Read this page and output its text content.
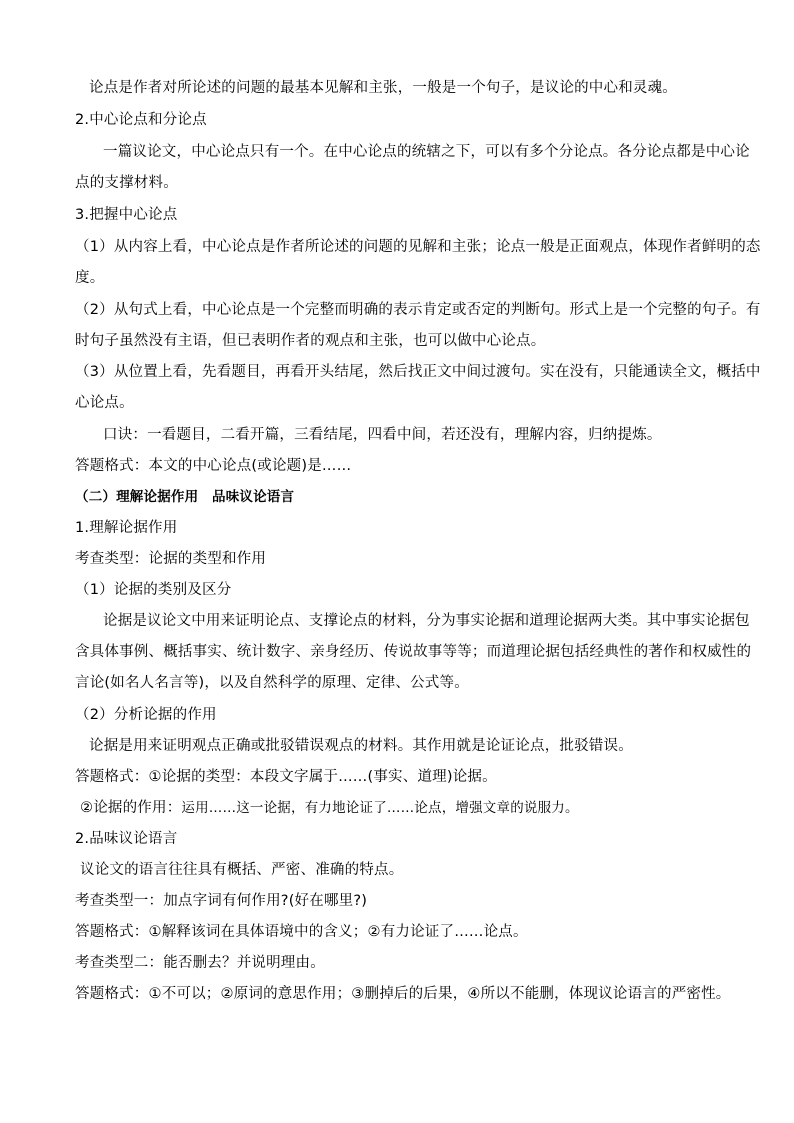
论点是作者对所论述的问题的最基本见解和主张，一般是一个句子，是议论的中心和灵魂。
2.中心论点和分论点
一篇议论文，中心论点只有一个。在中心论点的统辖之下，可以有多个分论点。各分论点都是中心论
点的支撑材料。
3.把握中心论点
（1）从内容上看，中心论点是作者所论述的问题的见解和主张；论点一般是正面观点，体现作者鲜明的态
度。
（2）从句式上看，中心论点是一个完整而明确的表示肯定或否定的判断句。形式上是一个完整的句子。有
时句子虽然没有主语，但已表明作者的观点和主张，也可以做中心论点。
（3）从位置上看，先看题目，再看开头结尾，然后找正文中间过渡句。实在没有，只能通读全文，概括中
心论点。
口诀：一看题目，二看开篇，三看结尾，四看中间，若还没有，理解内容，归纳提炼。
答题格式：本文的中心论点(或论题)是……
（二）理解论据作用　品味议论语言
1.理解论据作用
考查类型：论据的类型和作用
（1）论据的类别及区分
论据是议论文中用来证明论点、支撑论点的材料，分为事实论据和道理论据两大类。其中事实论据包
含具体事例、概括事实、统计数字、亲身经历、传说故事等等；而道理论据包括经典性的著作和权威性的
言论(如名人名言等)，以及自然科学的原理、定律、公式等。
（2）分析论据的作用
论据是用来证明观点正确或批驳错误观点的材料。其作用就是论证论点，批驳错误。
答题格式：①论据的类型：本段文字属于……(事实、道理)论据。
②论据的作用：运用……这一论据，有力地论证了……论点，增强文章的说服力。
2.品味议论语言
议论文的语言往往具有概括、严密、准确的特点。
考查类型一：加点字词有何作用?(好在哪里?)
答题格式：①解释该词在具体语境中的含义；②有力论证了……论点。
考查类型二：能否删去？并说明理由。
答题格式：①不可以；②原词的意思作用；③删掉后的后果，④所以不能删，体现议论语言的严密性。
